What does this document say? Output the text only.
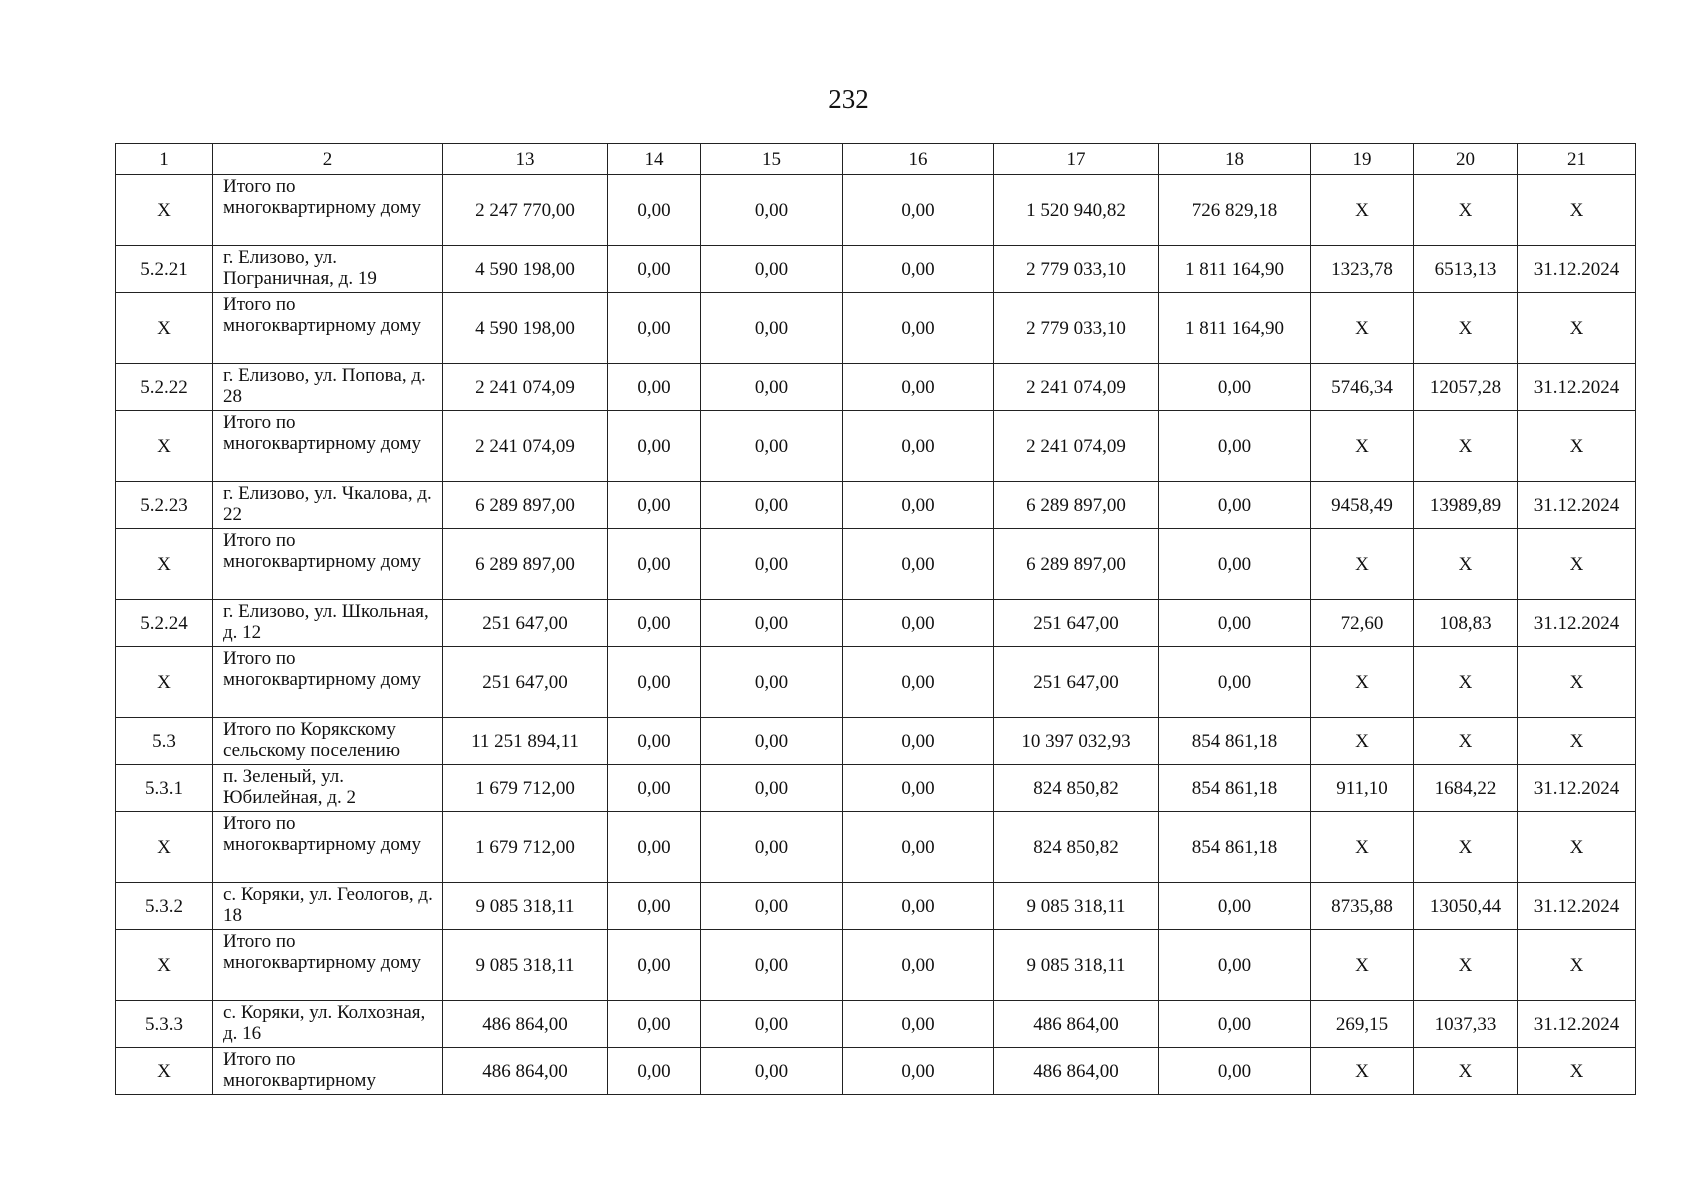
232
1	2	13	14	15	16	17	18	19	20	21
X	Итого по многоквартирному дому	2 247 770,00	0,00	0,00	0,00	1 520 940,82	726 829,18	X	X	X
5.2.21	г. Елизово, ул. Пограничная, д. 19	4 590 198,00	0,00	0,00	0,00	2 779 033,10	1 811 164,90	1323,78	6513,13	31.12.2024
X	Итого по многоквартирному дому	4 590 198,00	0,00	0,00	0,00	2 779 033,10	1 811 164,90	X	X	X
5.2.22	г. Елизово, ул. Попова, д. 28	2 241 074,09	0,00	0,00	0,00	2 241 074,09	0,00	5746,34	12057,28	31.12.2024
X	Итого по многоквартирному дому	2 241 074,09	0,00	0,00	0,00	2 241 074,09	0,00	X	X	X
5.2.23	г. Елизово, ул. Чкалова, д. 22	6 289 897,00	0,00	0,00	0,00	6 289 897,00	0,00	9458,49	13989,89	31.12.2024
X	Итого по многоквартирному дому	6 289 897,00	0,00	0,00	0,00	6 289 897,00	0,00	X	X	X
5.2.24	г. Елизово, ул. Школьная, д. 12	251 647,00	0,00	0,00	0,00	251 647,00	0,00	72,60	108,83	31.12.2024
X	Итого по многоквартирному дому	251 647,00	0,00	0,00	0,00	251 647,00	0,00	X	X	X
5.3	Итого по Корякскому сельскому поселению	11 251 894,11	0,00	0,00	0,00	10 397 032,93	854 861,18	X	X	X
5.3.1	п. Зеленый, ул. Юбилейная, д. 2	1 679 712,00	0,00	0,00	0,00	824 850,82	854 861,18	911,10	1684,22	31.12.2024
X	Итого по многоквартирному дому	1 679 712,00	0,00	0,00	0,00	824 850,82	854 861,18	X	X	X
5.3.2	с. Коряки, ул. Геологов, д. 18	9 085 318,11	0,00	0,00	0,00	9 085 318,11	0,00	8735,88	13050,44	31.12.2024
X	Итого по многоквартирному дому	9 085 318,11	0,00	0,00	0,00	9 085 318,11	0,00	X	X	X
5.3.3	с. Коряки, ул. Колхозная, д. 16	486 864,00	0,00	0,00	0,00	486 864,00	0,00	269,15	1037,33	31.12.2024
X	Итого по многоквартирному	486 864,00	0,00	0,00	0,00	486 864,00	0,00	X	X	X
